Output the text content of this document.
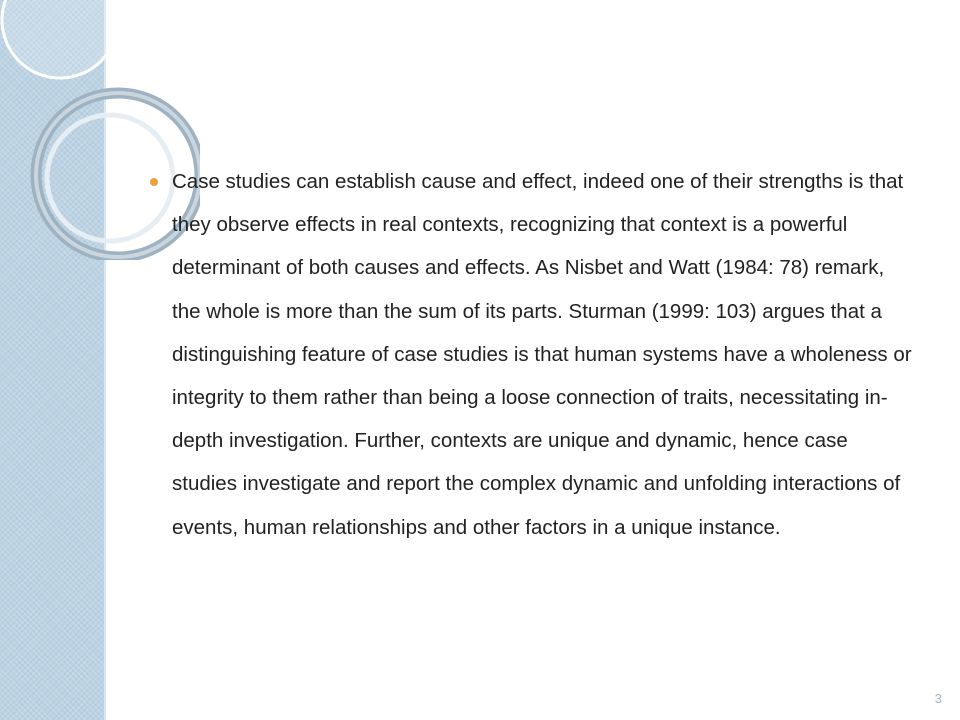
Case studies can establish cause and effect, indeed one of their strengths is that they observe effects in real contexts, recognizing that context is a powerful determinant of both causes and effects. As Nisbet and Watt (1984: 78) remark, the whole is more than the sum of its parts. Sturman (1999: 103) argues that a distinguishing feature of case studies is that human systems have a wholeness or integrity to them rather than being a loose connection of traits, necessitating in-depth investigation. Further, contexts are unique and dynamic, hence case studies investigate and report the complex dynamic and unfolding interactions of events, human relationships and other factors in a unique instance.

3
